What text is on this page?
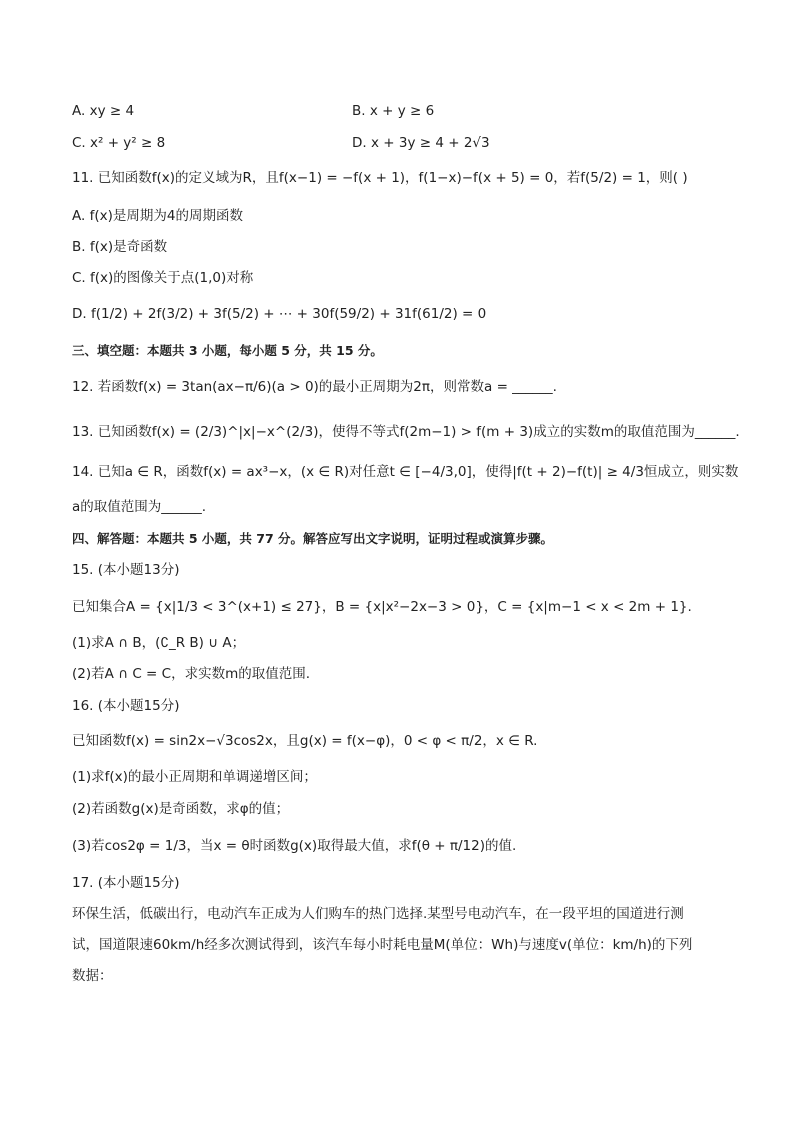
A. xy ≥ 4	B. x + y ≥ 6
C. x² + y² ≥ 8	D. x + 3y ≥ 4 + 2√3
11. 已知函数f(x)的定义域为R，且f(x−1) = −f(x + 1)，f(1−x)−f(x + 5) = 0，若f(5/2) = 1，则( )
A. f(x)是周期为4的周期函数
B. f(x)是奇函数
C. f(x)的图像关于点(1,0)对称
D. f(1/2) + 2f(3/2) + 3f(5/2) + ⋯ + 30f(59/2) + 31f(61/2) = 0
三、填空题：本题共 3 小题，每小题 5 分，共 15 分。
12. 若函数f(x) = 3tan(ax−π/6)(a > 0)的最小正周期为2π，则常数a = ______.
13. 已知函数f(x) = (2/3)^|x|−x^(2/3)，使得不等式f(2m−1) > f(m + 3)成立的实数m的取值范围为______.
14. 已知a ∈ R，函数f(x) = ax³−x，(x ∈ R)对任意t ∈ [−4/3,0]，使得|f(t + 2)−f(t)| ≥ 4/3恒成立，则实数
a的取值范围为______.
四、解答题：本题共 5 小题，共 77 分。解答应写出文字说明，证明过程或演算步骤。
15. (本小题13分)
已知集合A = {x|1/3 < 3^(x+1) ≤ 27}，B = {x|x²−2x−3 > 0}，C = {x|m−1 < x < 2m + 1}.
(1)求A ∩ B，(∁_R B) ∪ A；
(2)若A ∩ C = C，求实数m的取值范围.
16. (本小题15分)
已知函数f(x) = sin2x−√3cos2x，且g(x) = f(x−φ)，0 < φ < π/2，x ∈ R.
(1)求f(x)的最小正周期和单调递增区间；
(2)若函数g(x)是奇函数，求φ的值；
(3)若cos2φ = 1/3，当x = θ时函数g(x)取得最大值，求f(θ + π/12)的值.
17. (本小题15分)
环保生活，低碳出行，电动汽车正成为人们购车的热门选择.某型号电动汽车，在一段平坦的国道进行测
试，国道限速60km/h经多次测试得到，该汽车每小时耗电量M(单位：Wh)与速度v(单位：km/h)的下列
数据：
